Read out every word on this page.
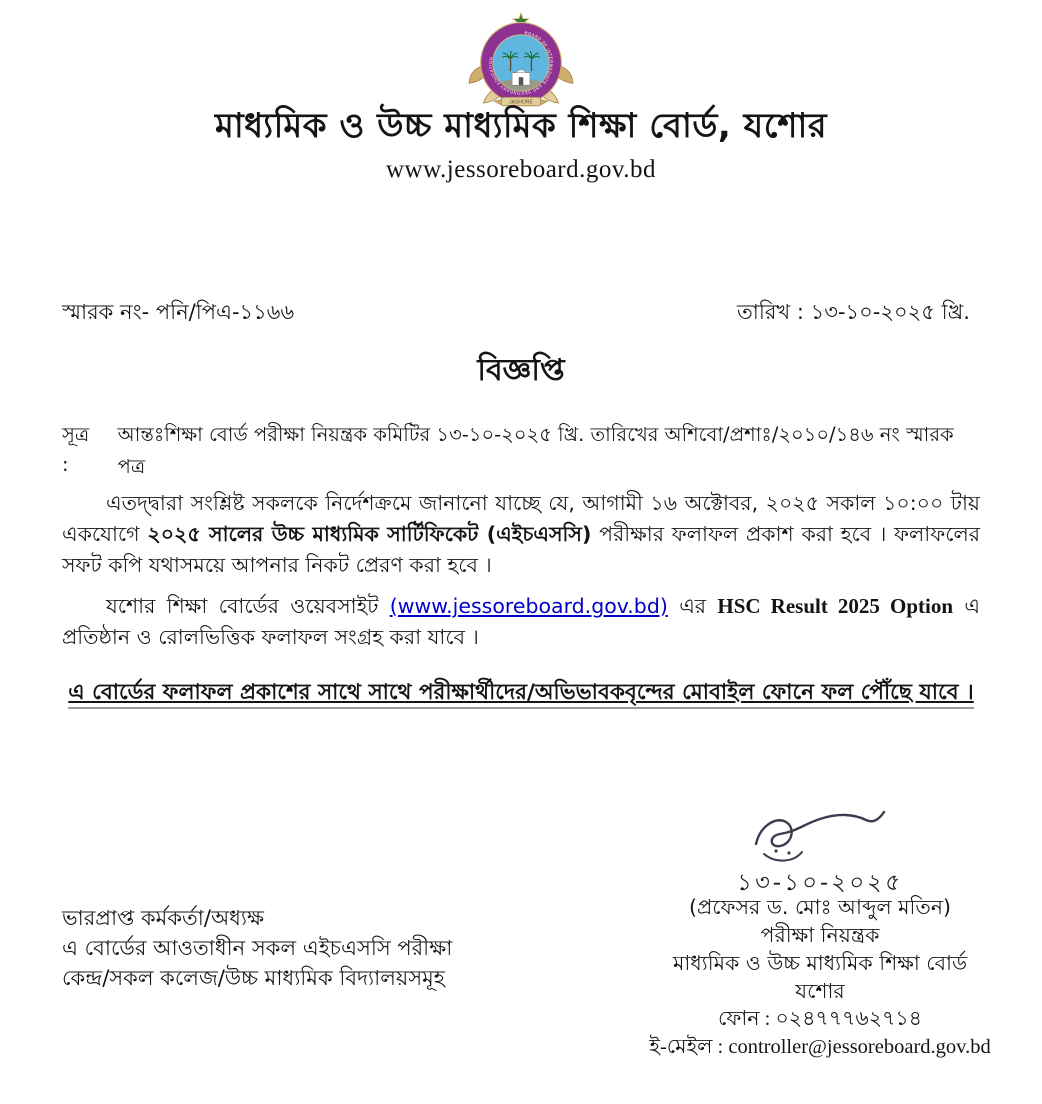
BOARD OF INTERMEDIATE AND SECONDARY EDUCATION
JASHORE
মাধ্যমিক ও উচ্চ মাধ্যমিক শিক্ষা বোর্ড, যশোর
www.jessoreboard.gov.bd
স্মারক নং- পনি/পিএ-১১৬৬	তারিখ : ১৩-১০-২০২৫ খ্রি.
বিজ্ঞপ্তি
সূত্র :
আন্তঃশিক্ষা বোর্ড পরীক্ষা নিয়ন্ত্রক কমিটির ১৩-১০-২০২৫ খ্রি. তারিখের অশিবো/প্রশাঃ/২০১০/১৪৬ নং স্মারক পত্র

এতদ্দ্বারা সংশ্লিষ্ট সকলকে নির্দেশক্রমে জানানো যাচ্ছে যে, আগামী ১৬ অক্টোবর, ২০২৫ সকাল ১০:০০ টায় একযোগে ২০২৫ সালের উচ্চ মাধ্যমিক সার্টিফিকেট (এইচএসসি) পরীক্ষার ফলাফল প্রকাশ করা হবে । ফলাফলের সফট কপি যথাসময়ে আপনার নিকট প্রেরণ করা হবে ।

যশোর শিক্ষা বোর্ডের ওয়েবসাইট (www.jessoreboard.gov.bd) এর HSC Result 2025 Option এ প্রতিষ্ঠান ও রোলভিত্তিক ফলাফল সংগ্রহ করা যাবে ।

এ বোর্ডের ফলাফল প্রকাশের সাথে সাথে পরীক্ষার্থীদের/অভিভাবকবৃন্দের মোবাইল ফোনে ফল পৌঁছে যাবে ।
১৩-১০-২০২৫
(প্রফেসর ড. মোঃ আব্দুল মতিন)
পরীক্ষা নিয়ন্ত্রক
মাধ্যমিক ও উচ্চ মাধ্যমিক শিক্ষা বোর্ড
যশোর
ফোন : ০২৪৭৭৭৬২৭১৪
ই-মেইল : controller@jessoreboard.gov.bd
ভারপ্রাপ্ত কর্মকর্তা/অধ্যক্ষ
এ বোর্ডের আওতাধীন সকল এইচএসসি পরীক্ষা
কেন্দ্র/সকল কলেজ/উচ্চ মাধ্যমিক বিদ্যালয়সমূহ
